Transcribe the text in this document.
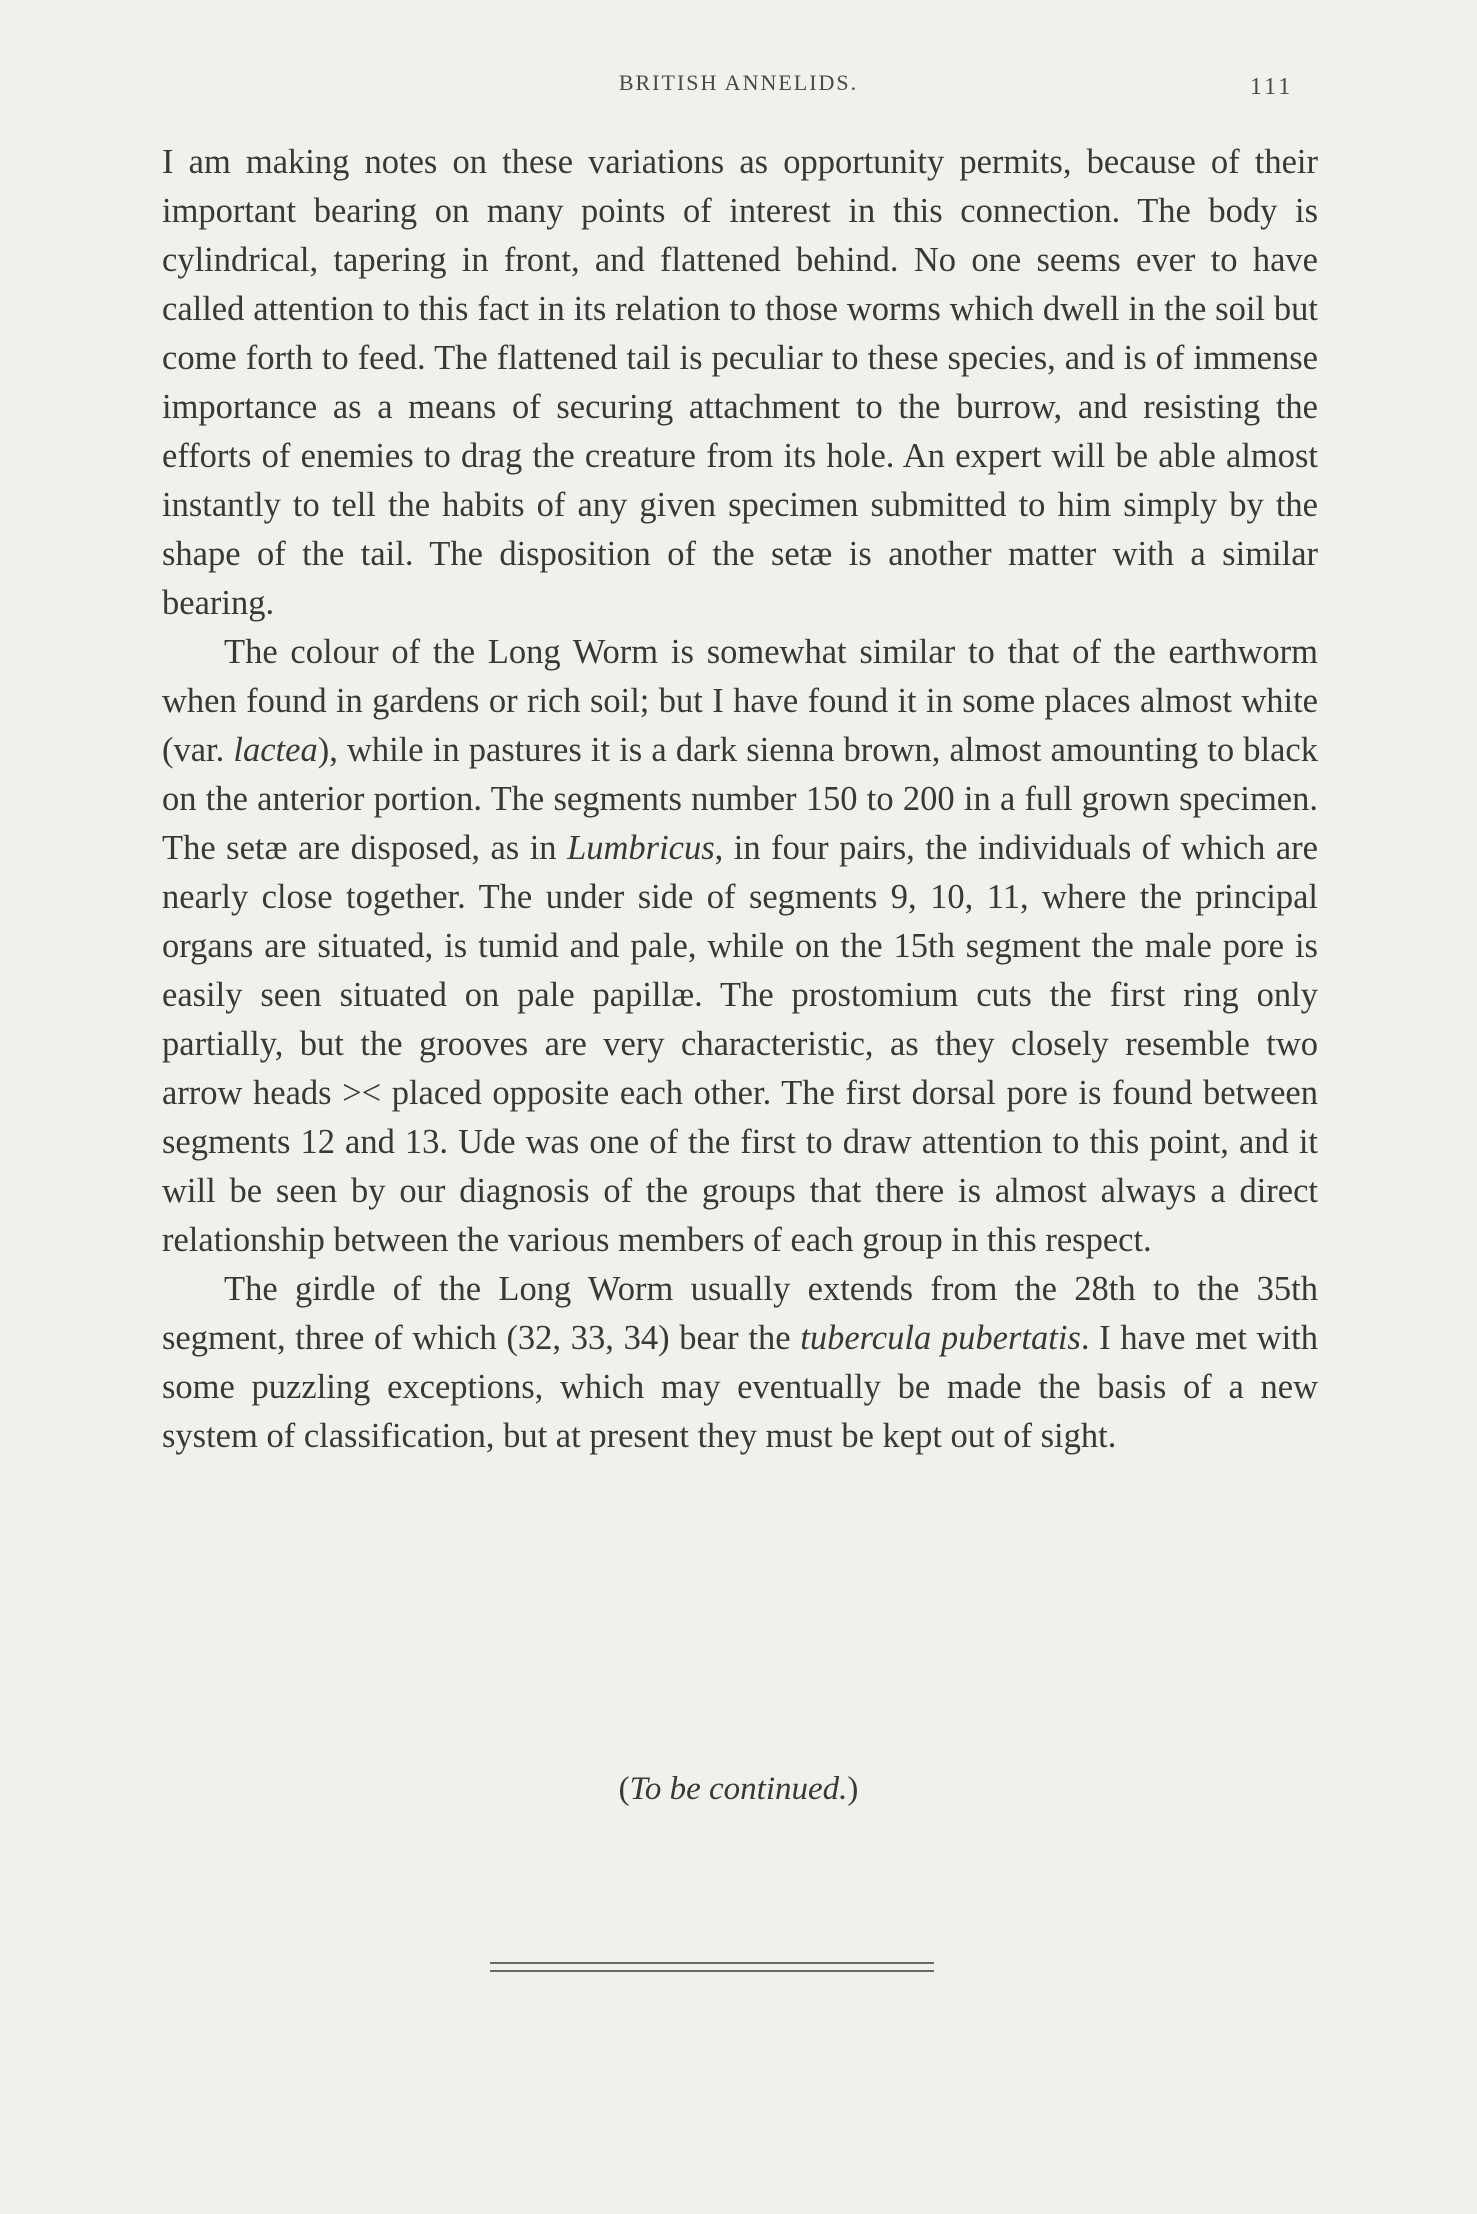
BRITISH ANNELIDS.	111

I am making notes on these variations as opportunity permits, because of their important bearing on many points of interest in this connection. The body is cylindrical, tapering in front, and flattened behind. No one seems ever to have called attention to this fact in its relation to those worms which dwell in the soil but come forth to feed. The flattened tail is peculiar to these species, and is of immense importance as a means of securing attachment to the burrow, and resisting the efforts of enemies to drag the creature from its hole. An expert will be able almost instantly to tell the habits of any given specimen submitted to him simply by the shape of the tail. The disposition of the setæ is another matter with a similar bearing.

The colour of the Long Worm is somewhat similar to that of the earthworm when found in gardens or rich soil; but I have found it in some places almost white (var. lactea), while in pastures it is a dark sienna brown, almost amounting to black on the anterior portion. The segments number 150 to 200 in a full grown specimen. The setæ are disposed, as in Lumbricus, in four pairs, the individuals of which are nearly close together. The under side of segments 9, 10, 11, where the principal organs are situated, is tumid and pale, while on the 15th segment the male pore is easily seen situated on pale papillæ. The prostomium cuts the first ring only partially, but the grooves are very characteristic, as they closely resemble two arrow heads >< placed opposite each other. The first dorsal pore is found between segments 12 and 13. Ude was one of the first to draw attention to this point, and it will be seen by our diagnosis of the groups that there is almost always a direct relationship between the various members of each group in this respect.

The girdle of the Long Worm usually extends from the 28th to the 35th segment, three of which (32, 33, 34) bear the tubercula pubertatis. I have met with some puzzling exceptions, which may eventually be made the basis of a new system of classification, but at present they must be kept out of sight.

(To be continued.)
